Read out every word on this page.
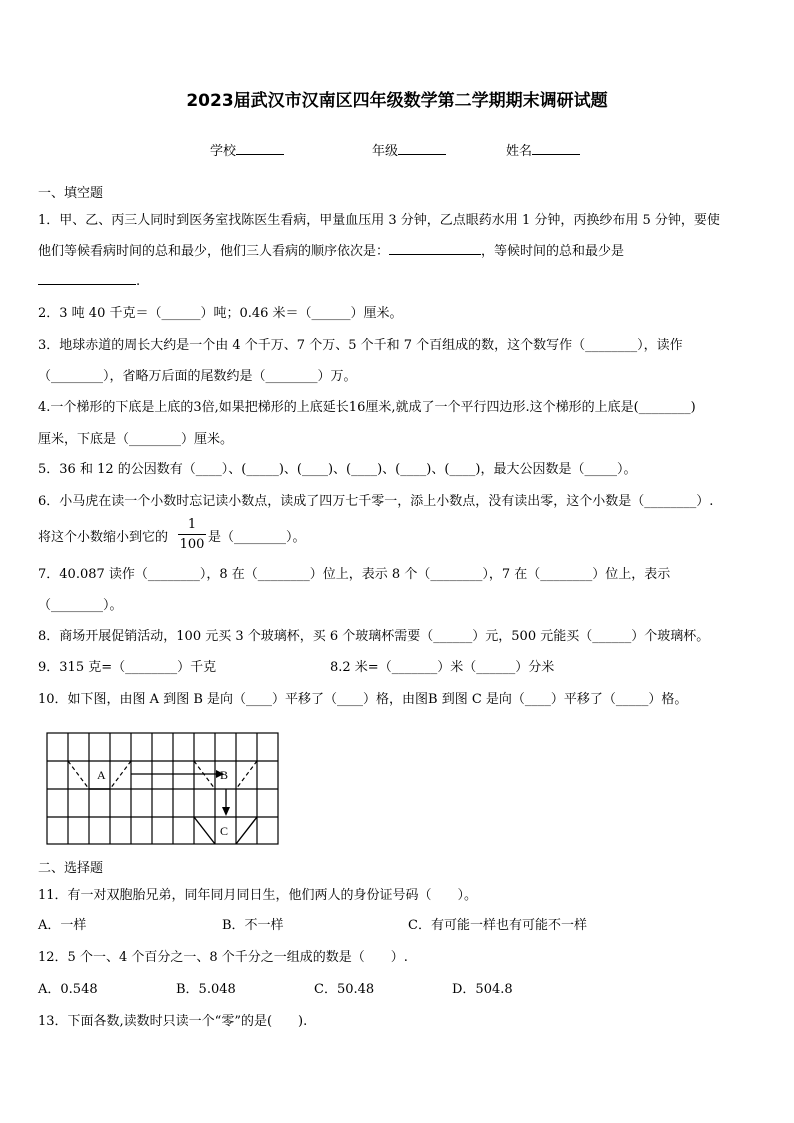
2023届武汉市汉南区四年级数学第二学期期末调研试题
学校	年级	姓名
一、填空题
1．甲、乙、丙三人同时到医务室找陈医生看病，甲量血压用 3 分钟，乙点眼药水用 1 分钟，丙换纱布用 5 分钟，要使
他们等候看病时间的总和最少，他们三人看病的顺序依次是：	，等候时间的总和最少是
.
2．3 吨 40 千克＝（______）吨；0.46 米＝（______）厘米。
3．地球赤道的周长大约是一个由 4 个千万、7 个万、5 个千和 7 个百组成的数，这个数写作（________），读作
（________），省略万后面的尾数约是（________）万。
4.一个梯形的下底是上底的3倍,如果把梯形的上底延长16厘米,就成了一个平行四边形.这个梯形的上底是(________)
厘米，下底是（________）厘米。
5．36 和 12 的公因数有（____）、(_____)、(____)、(____)、(____)、(____)，最大公因数是（_____）。
6．小马虎在读一个小数时忘记读小数点，读成了四万七千零一，添上小数点，没有读出零，这个小数是（________）.
将这个小数缩小到它的
1
100 是（________）。
7．40.087 读作（________），8 在（________）位上，表示 8 个（________），7 在（________）位上，表示
（________）。
8．商场开展促销活动，100 元买 3 个玻璃杯，买 6 个玻璃杯需要（______）元，500 元能买（______）个玻璃杯。
9．315 克=（________）千克	8.2 米=（_______）米（______）分米
10．如下图，由图 A 到图 B 是向（____）平移了（____）格，由图B 到图 C 是向（____）平移了（_____）格。
A	B
C
二、选择题
11．有一对双胞胎兄弟，同年同月同日生，他们两人的身份证号码（　　）。
A．一样	B．不一样	C．有可能一样也有可能不一样
12．5 个一、4 个百分之一、8 个千分之一组成的数是（　　）.
A．0.548	B．5.048	C．50.48	D．504.8
13．下面各数,读数时只读一个“零”的是(　　).
